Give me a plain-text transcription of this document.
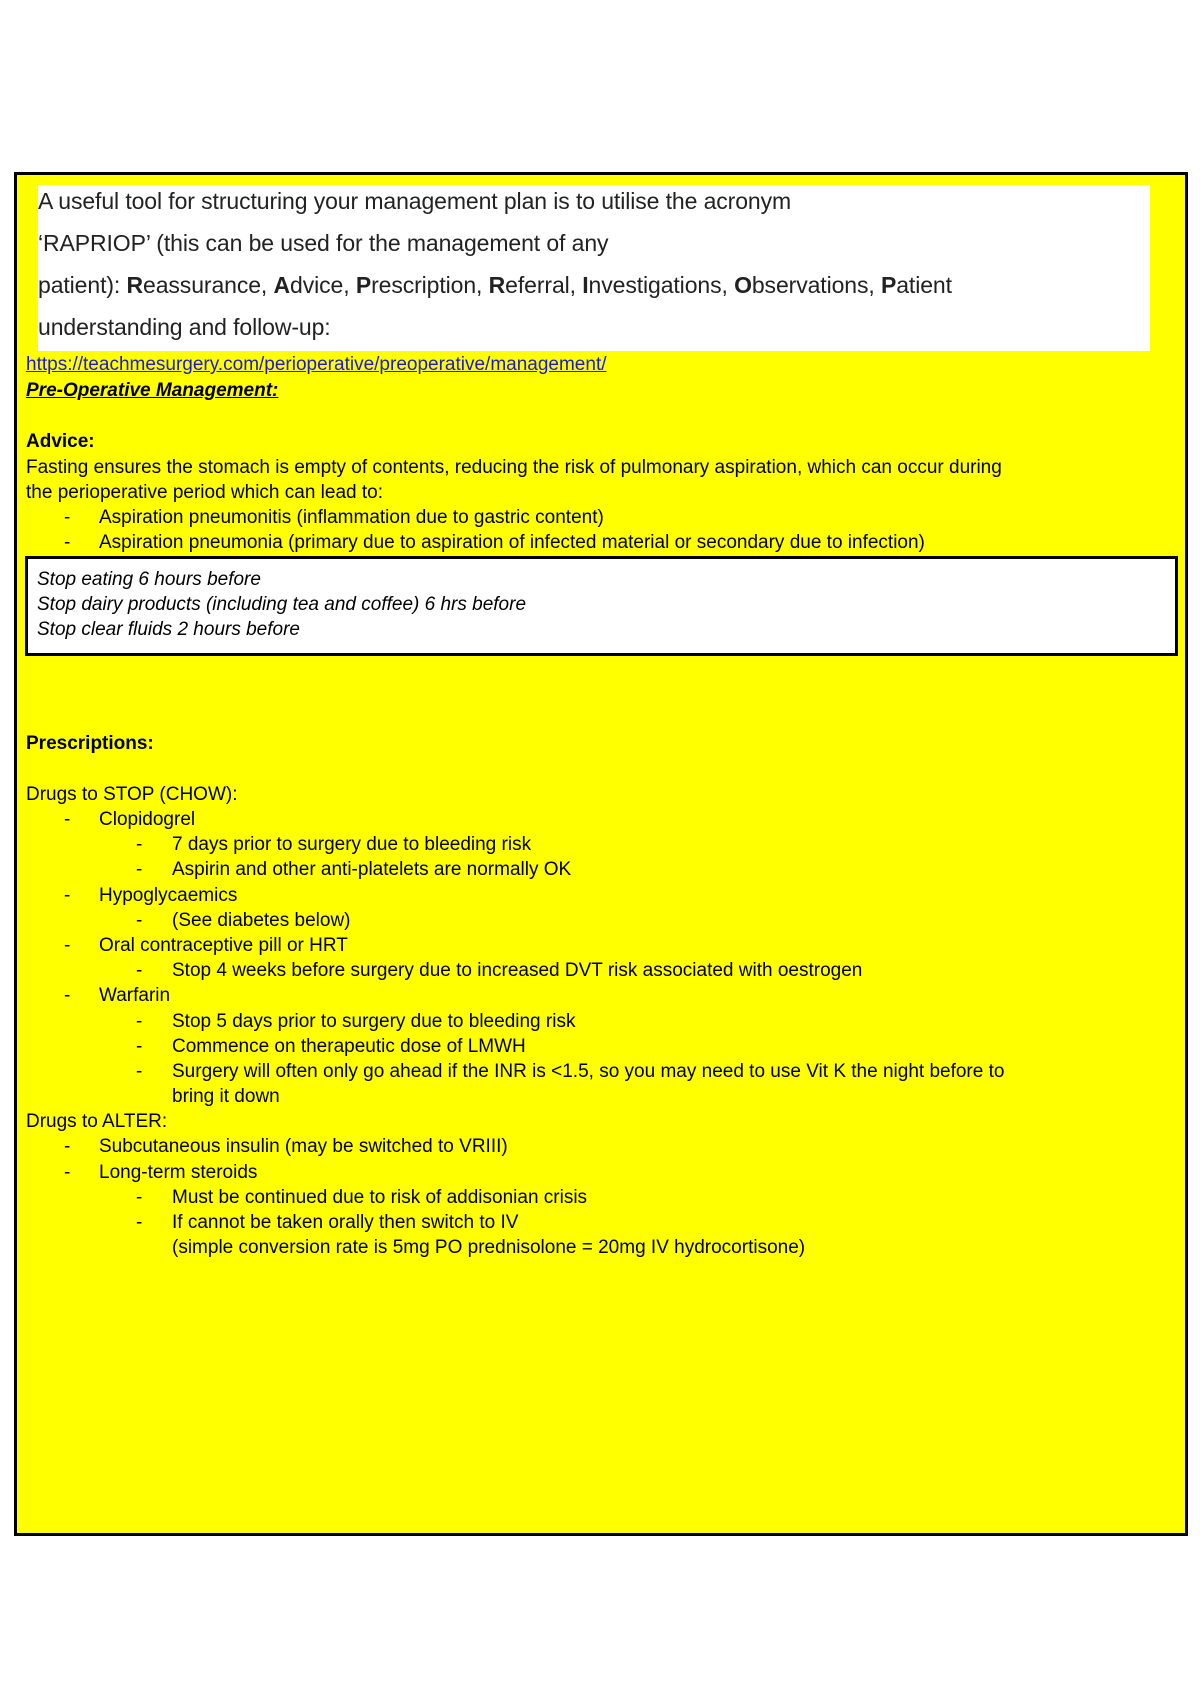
A useful tool for structuring your management plan is to utilise the acronym
‘RAPRIOP’ (this can be used for the management of any
patient): Reassurance, Advice, Prescription, Referral, Investigations, Observations, Patient
understanding and follow-up:
https://teachmesurgery.com/perioperative/preoperative/management/
Pre-Operative Management:
Advice:
Fasting ensures the stomach is empty of contents, reducing the risk of pulmonary aspiration, which can occur during
the perioperative period which can lead to:
- Aspiration pneumonitis (inflammation due to gastric content)
- Aspiration pneumonia (primary due to aspiration of infected material or secondary due to infection)
Stop eating 6 hours before
Stop dairy products (including tea and coffee) 6 hrs before
Stop clear fluids 2 hours before
Prescriptions:
Drugs to STOP (CHOW):
- Clopidogrel
- 7 days prior to surgery due to bleeding risk
- Aspirin and other anti-platelets are normally OK
- Hypoglycaemics
- (See diabetes below)
- Oral contraceptive pill or HRT
- Stop 4 weeks before surgery due to increased DVT risk associated with oestrogen
- Warfarin
- Stop 5 days prior to surgery due to bleeding risk
- Commence on therapeutic dose of LMWH
- Surgery will often only go ahead if the INR is <1.5, so you may need to use Vit K the night before to
bring it down
Drugs to ALTER:
- Subcutaneous insulin (may be switched to VRIII)
- Long-term steroids
- Must be continued due to risk of addisonian crisis
- If cannot be taken orally then switch to IV
(simple conversion rate is 5mg PO prednisolone = 20mg IV hydrocortisone)
